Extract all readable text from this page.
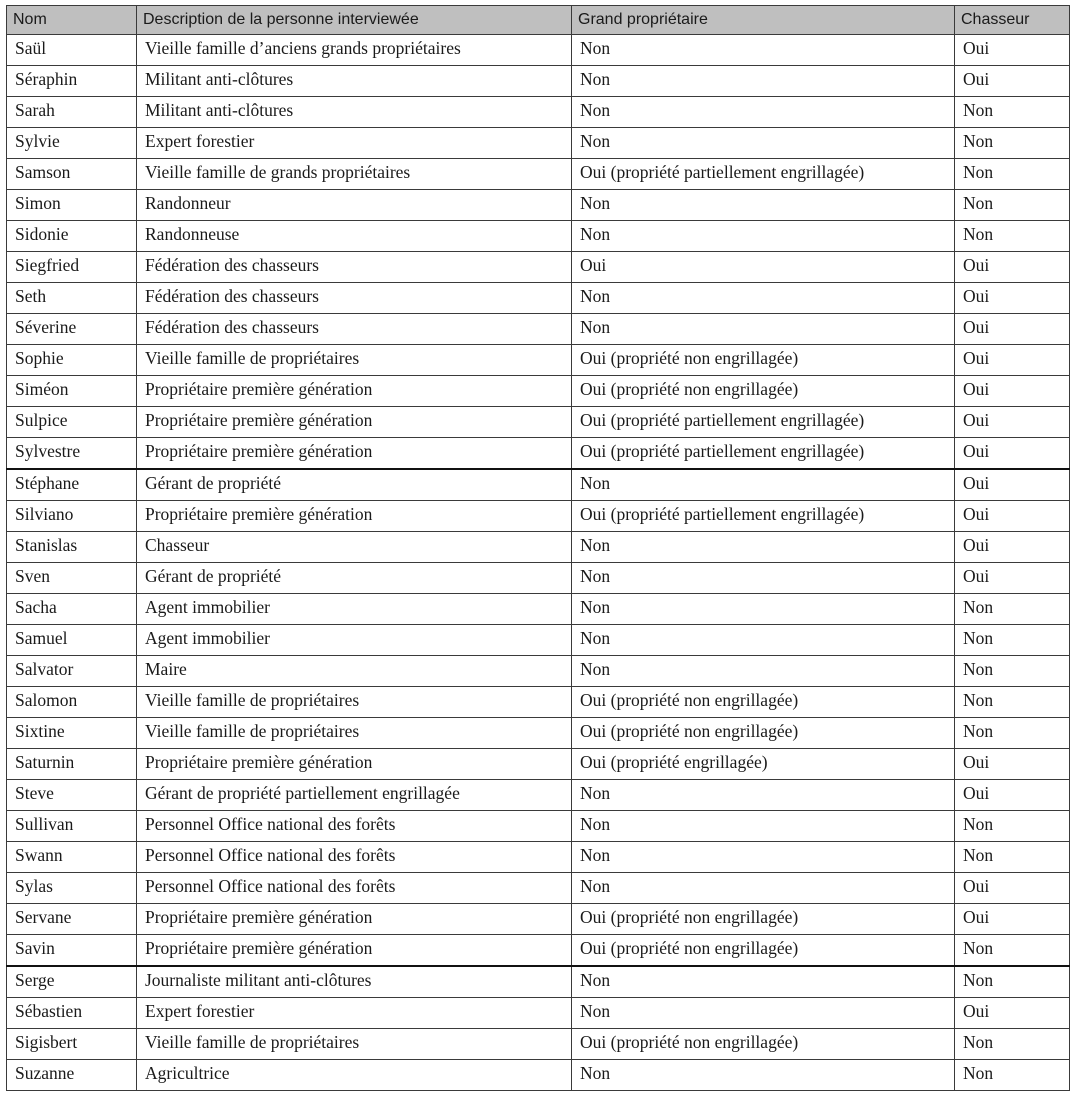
Nom	Description de la personne interviewée	Grand propriétaire	Chasseur
Saül	Vieille famille d’anciens grands propriétaires	Non	Oui
Séraphin	Militant anti-clôtures	Non	Oui
Sarah	Militant anti-clôtures	Non	Non
Sylvie	Expert forestier	Non	Non
Samson	Vieille famille de grands propriétaires	Oui (propriété partiellement engrillagée)	Non
Simon	Randonneur	Non	Non
Sidonie	Randonneuse	Non	Non
Siegfried	Fédération des chasseurs	Oui	Oui
Seth	Fédération des chasseurs	Non	Oui
Séverine	Fédération des chasseurs	Non	Oui
Sophie	Vieille famille de propriétaires	Oui (propriété non engrillagée)	Oui
Siméon	Propriétaire première génération	Oui (propriété non engrillagée)	Oui
Sulpice	Propriétaire première génération	Oui (propriété partiellement engrillagée)	Oui
Sylvestre	Propriétaire première génération	Oui (propriété partiellement engrillagée)	Oui
Stéphane	Gérant de propriété	Non	Oui
Silviano	Propriétaire première génération	Oui (propriété partiellement engrillagée)	Oui
Stanislas	Chasseur	Non	Oui
Sven	Gérant de propriété	Non	Oui
Sacha	Agent immobilier	Non	Non
Samuel	Agent immobilier	Non	Non
Salvator	Maire	Non	Non
Salomon	Vieille famille de propriétaires	Oui (propriété non engrillagée)	Non
Sixtine	Vieille famille de propriétaires	Oui (propriété non engrillagée)	Non
Saturnin	Propriétaire première génération	Oui (propriété engrillagée)	Oui
Steve	Gérant de propriété partiellement engrillagée	Non	Oui
Sullivan	Personnel Office national des forêts	Non	Non
Swann	Personnel Office national des forêts	Non	Non
Sylas	Personnel Office national des forêts	Non	Oui
Servane	Propriétaire première génération	Oui (propriété non engrillagée)	Oui
Savin	Propriétaire première génération	Oui (propriété non engrillagée)	Non
Serge	Journaliste militant anti-clôtures	Non	Non
Sébastien	Expert forestier	Non	Oui
Sigisbert	Vieille famille de propriétaires	Oui (propriété non engrillagée)	Non
Suzanne	Agricultrice	Non	Non
